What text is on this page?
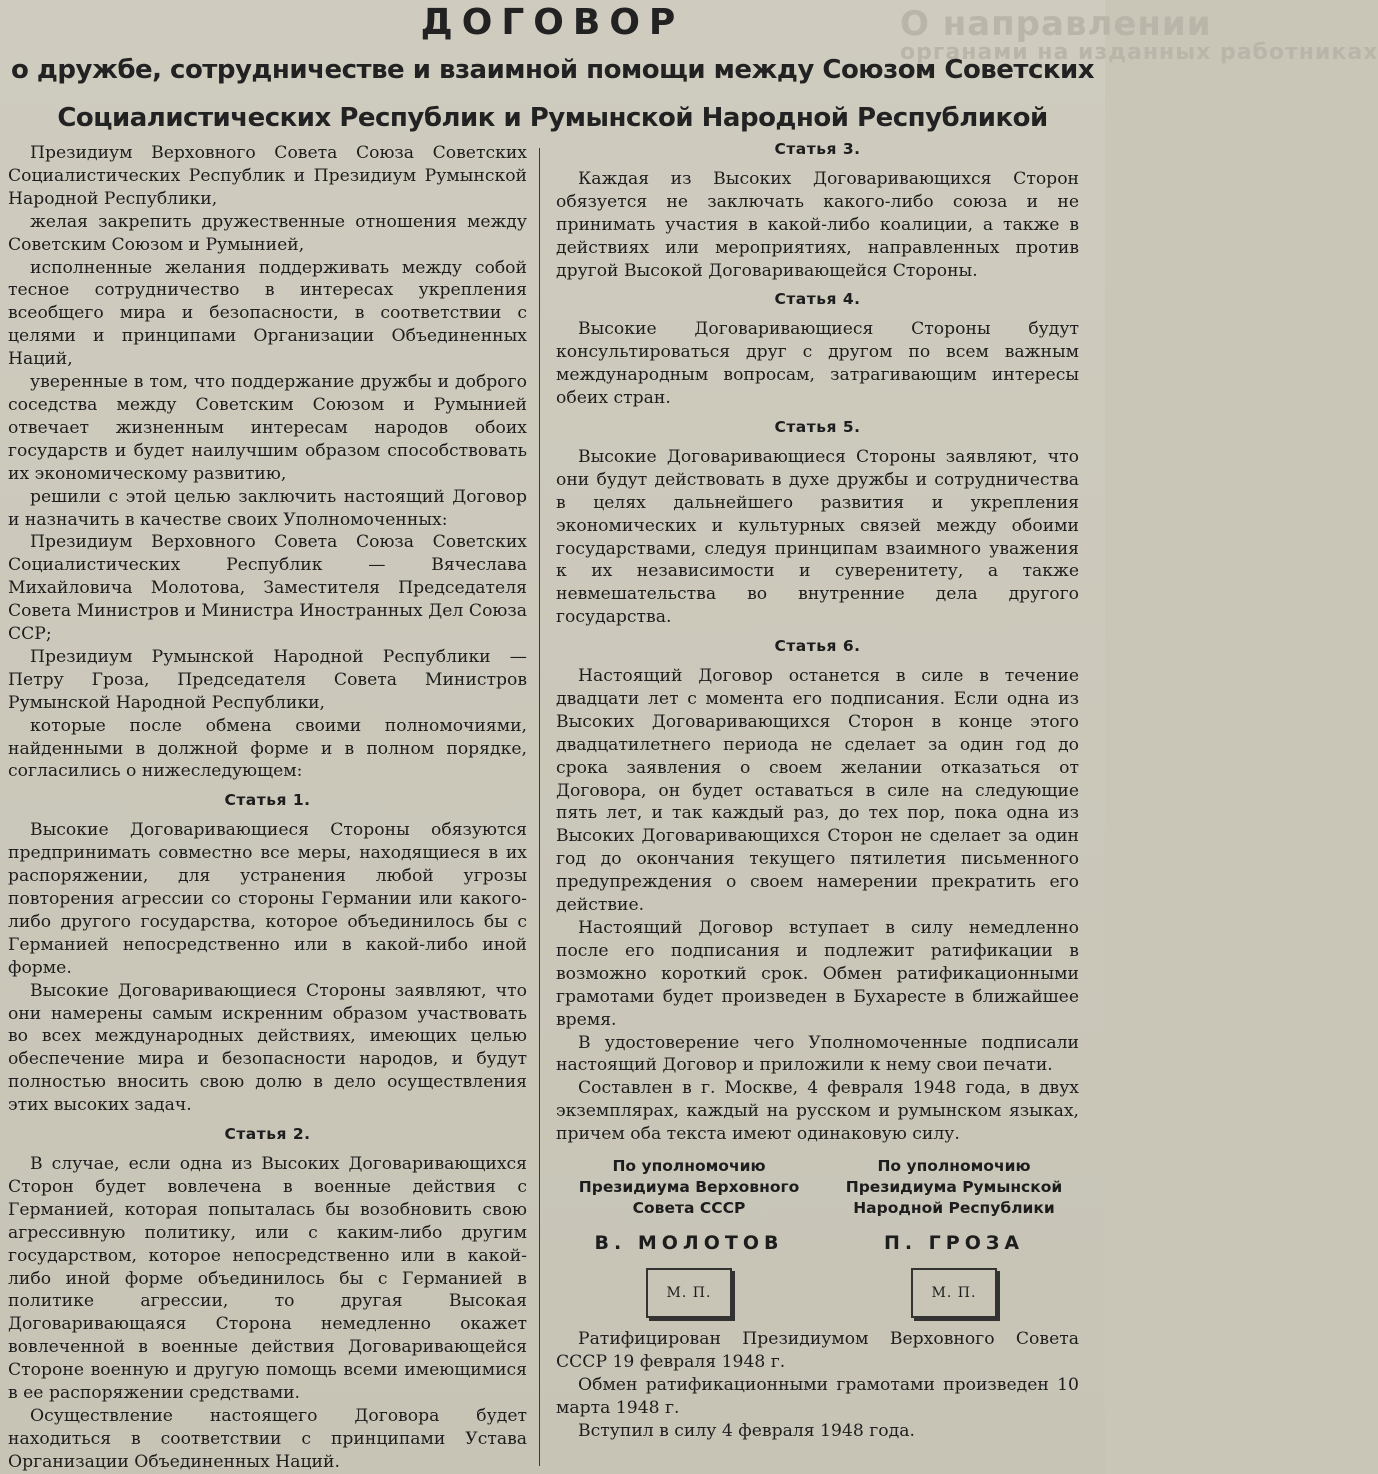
О направлении
органами на изданных работниках
ДОГОВОР
о дружбе, сотрудничестве и взаимной помощи между Союзом Советских Социалистических Республик и Румынской Народной Республикой

Президиум Верховного Совета Союза Советских Социалистических Республик и Президиум Румынской Народной Республики,

желая закрепить дружественные отношения между Советским Союзом и Румынией,

исполненные желания поддерживать между собой тесное сотрудничество в интересах укрепления всеобщего мира и безопасности, в соответствии с целями и принципами Организации Объединенных Наций,

уверенные в том, что поддержание дружбы и доброго соседства между Советским Союзом и Румынией отвечает жизненным интересам народов обоих государств и будет наилучшим образом способствовать их экономическому развитию,

решили с этой целью заключить настоящий Договор и назначить в качестве своих Уполномоченных:

Президиум Верховного Совета Союза Советских Социалистических Республик — Вячеслава Михайловича Молотова, Заместителя Председателя Совета Министров и Министра Иностранных Дел Союза ССР;

Президиум Румынской Народной Республики — Петру Гроза, Председателя Совета Министров Румынской Народной Республики,

которые после обмена своими полномочиями, найденными в должной форме и в полном порядке, согласились о нижеследующем:

Статья 1.

Высокие Договаривающиеся Стороны обязуются предпринимать совместно все меры, находящиеся в их распоряжении, для устранения любой угрозы повторения агрессии со стороны Германии или какого-либо другого государства, которое объединилось бы с Германией непосредственно или в какой-либо иной форме.

Высокие Договаривающиеся Стороны заявляют, что они намерены самым искренним образом участвовать во всех международных действиях, имеющих целью обеспечение мира и безопасности народов, и будут полностью вносить свою долю в дело осуществления этих высоких задач.

Статья 2.

В случае, если одна из Высоких Договаривающихся Сторон будет вовлечена в военные действия с Германией, которая попыталась бы возобновить свою агрессивную политику, или с каким-либо другим государством, которое непосредственно или в какой-либо иной форме объединилось бы с Германией в политике агрессии, то другая Высокая Договаривающаяся Сторона немедленно окажет вовлеченной в военные действия Договаривающейся Стороне военную и другую помощь всеми имеющимися в ее распоряжении средствами.

Осуществление настоящего Договора будет находиться в соответствии с принципами Устава Организации Объединенных Наций.

Статья 3.

Каждая из Высоких Договаривающихся Сторон обязуется не заключать какого-либо союза и не принимать участия в какой-либо коалиции, а также в действиях или мероприятиях, направленных против другой Высокой Договаривающейся Стороны.

Статья 4.

Высокие Договаривающиеся Стороны будут консультироваться друг с другом по всем важным международным вопросам, затрагивающим интересы обеих стран.

Статья 5.

Высокие Договаривающиеся Стороны заявляют, что они будут действовать в духе дружбы и сотрудничества в целях дальнейшего развития и укрепления экономических и культурных связей между обоими государствами, следуя принципам взаимного уважения к их независимости и суверенитету, а также невмешательства во внутренние дела другого государства.

Статья 6.

Настоящий Договор останется в силе в течение двадцати лет с момента его подписания. Если одна из Высоких Договаривающихся Сторон в конце этого двадцатилетнего периода не сделает за один год до срока заявления о своем желании отказаться от Договора, он будет оставаться в силе на следующие пять лет, и так каждый раз, до тех пор, пока одна из Высоких Договаривающихся Сторон не сделает за один год до окончания текущего пятилетия письменного предупреждения о своем намерении прекратить его действие.

Настоящий Договор вступает в силу немедленно после его подписания и подлежит ратификации в возможно короткий срок. Обмен ратификационными грамотами будет произведен в Бухаресте в ближайшее время.

В удостоверение чего Уполномоченные подписали настоящий Договор и приложили к нему свои печати.

Составлен в г. Москве, 4 февраля 1948 года, в двух экземплярах, каждый на русском и румынском языках, причем оба текста имеют одинаковую силу.

По уполномочию Президиума Верховного Совета СССР
В. МОЛОТОВ
М. П.
По уполномочию Президиума Румынской Народной Республики
П. ГРОЗА
М. П.

Ратифицирован Президиумом Верховного Совета СССР 19 февраля 1948 г.

Обмен ратификационными грамотами произведен 10 марта 1948 г.

Вступил в силу 4 февраля 1948 года.
